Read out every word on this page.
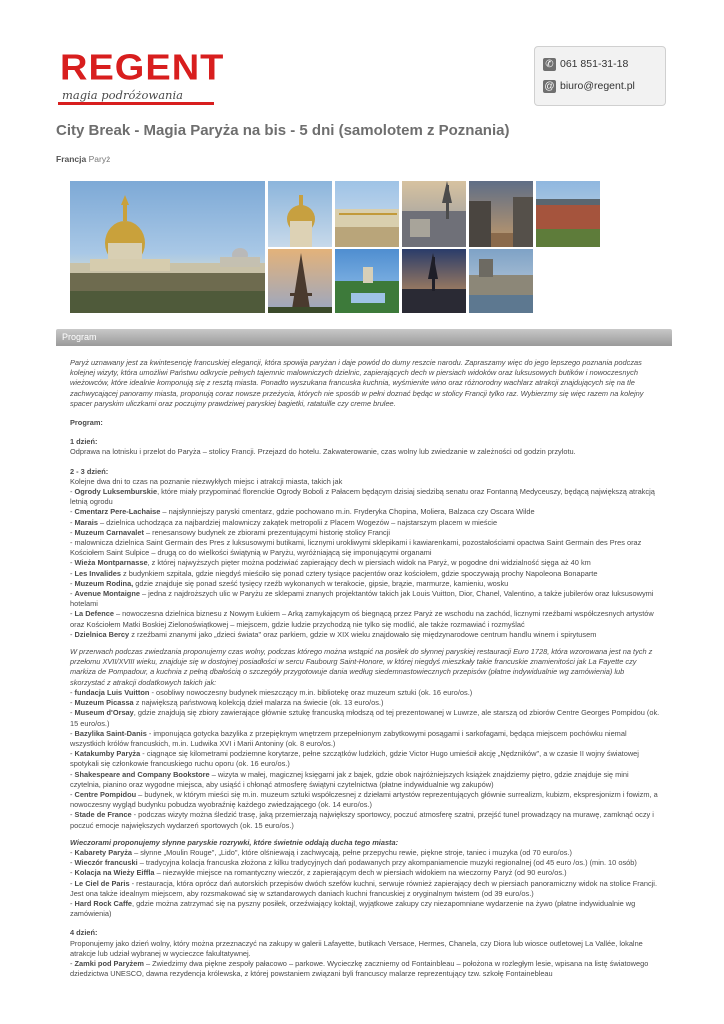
REGENT
magia podróżowania
✆ 061 851-31-18
@ biuro@regent.pl
City Break - Magia Paryża na bis - 5 dni (samolotem z Poznania)
Francja Paryż
Program

Paryż uznawany jest za kwintesencję francuskiej elegancji, która spowija paryżan i daje powód do dumy reszcie narodu. Zapraszamy więc do jego lepszego poznania podczas kolejnej wizyty, która umożliwi Państwu odkrycie pełnych tajemnic malowniczych dzielnic, zapierających dech w piersiach widoków oraz luksusowych butików i nowoczesnych wieżowców, które idealnie komponują się z resztą miasta. Ponadto wyszukana francuska kuchnia, wyśmienite wino oraz różnorodny wachlarz atrakcji znajdujących się na tle zachwycającej panoramy miasta, proponują coraz nowsze przeżycia, których nie sposób w pełni doznać będąc w stolicy Francji tylko raz. Wybierzmy się więc razem na kolejny spacer paryskim uliczkami oraz poczujmy prawdziwej paryskiej bagietki, ratatuille czy creme brulee.

Program:

1 dzień:

Odprawa na lotnisku i przelot do Paryża – stolicy Francji. Przejazd do hotelu. Zakwaterowanie, czas wolny lub zwiedzanie w zależności od godzin przylotu.

2 - 3 dzień:

Kolejne dwa dni to czas na poznanie niezwykłych miejsc i atrakcji miasta, takich jak

- Ogrody Luksemburskie, które miały przypominać florenckie Ogrody Boboli z Pałacem będącym dzisiaj siedzibą senatu oraz Fontanną Medyceuszy, będącą największą atrakcją letnią ogrodu

- Cmentarz Pere-Lachaise – najsłynniejszy paryski cmentarz, gdzie pochowano m.in. Fryderyka Chopina, Moliera, Balzaca czy Oscara Wilde

- Marais – dzielnica uchodząca za najbardziej malowniczy zakątek metropolii z Placem Wogezów – najstarszym placem w mieście

- Muzeum Carnavalet – renesansowy budynek ze zbiorami prezentującymi historię stolicy Francji

- malownicza dzielnica Saint Germain des Pres z luksusowymi butikami, licznymi urokliwymi sklepikami i kawiarenkami, pozostałościami opactwa Saint Germain des Pres oraz Kościołem Saint Sulpice – drugą co do wielkości świątynią w Paryżu, wyróżniającą się imponującymi organami

- Wieża Montparnasse, z której najwyższych pięter można podziwiać zapierający dech w piersiach widok na Paryż, w pogodne dni widzialność sięga aż 40 km

- Les Invalides z budynkiem szpitala, gdzie niegdyś mieściło się ponad cztery tysiące pacjentów oraz kościołem, gdzie spoczywają prochy Napoleona Bonaparte

- Muzeum Rodina, gdzie znajduje się ponad sześć tysięcy rzeźb wykonanych w terakocie, gipsie, brązie, marmurze, kamieniu, wosku

- Avenue Montaigne – jedna z najdroższych ulic w Paryżu ze sklepami znanych projektantów takich jak Louis Vuitton, Dior, Chanel, Valentino, a także jubilerów oraz luksusowymi hotelami

- La Defence – nowoczesna dzielnica biznesu z Nowym Łukiem – Arką zamykającym oś biegnącą przez Paryż ze wschodu na zachód, licznymi rzeźbami współczesnych artystów oraz Kościołem Matki Boskiej Zielonoświątkowej – miejscem, gdzie ludzie przychodzą nie tylko się modlić, ale także rozmawiać i rozmyślać

- Dzielnica Bercy z rzeźbami znanymi jako „dzieci świata" oraz parkiem, gdzie w XIX wieku znajdowało się międzynarodowe centrum handlu winem i spirytusem

W przerwach podczas zwiedzania proponujemy czas wolny, podczas którego można wstąpić na posiłek do słynnej paryskiej restauracji Euro 1728, która wzorowana jest na tych z przełomu XVII/XVIII wieku, znajduje się w dostojnej posiadłości w sercu Faubourg Saint-Honore, w której niegdyś mieszkały takie francuskie znamienitości jak La Fayette czy markiza de Pompadour, a kuchnia z pełną dbałością o szczegóły przygotowuje dania według siedemnastowiecznych przepisów (płatne indywidualnie wg zamówienia) lub skorzystać z atrakcji dodatkowych takich jak:

- fundacja Luis Vuitton - osobliwy nowoczesny budynek mieszczący m.in. bibliotekę oraz muzeum sztuki (ok. 16 euro/os.)

- Muzeum Picassa z największą państwową kolekcją dzieł malarza na świecie (ok. 13 euro/os.)

- Museum d'Orsay, gdzie znajdują się zbiory zawierające głównie sztukę francuską młodszą od tej prezentowanej w Luwrze, ale starszą od zbiorów Centre Georges Pompidou (ok. 15 euro/os.)

- Bazylika Saint-Danis - imponująca gotycka bazylika z przepięknym wnętrzem przepełnionym zabytkowymi posągami i sarkofagami, będąca miejscem pochówku niemal wszystkich królów francuskich, m.in. Ludwika XVI i Marii Antoniny (ok. 8 euro/os.)

- Katakumby Paryża - ciągnące się kilometrami podziemne korytarze, pełne szczątków ludzkich, gdzie Victor Hugo umieścił akcję „Nędzników", a w czasie II wojny światowej spotykali się członkowie francuskiego ruchu oporu (ok. 16 euro/os.)

- Shakespeare and Company Bookstore – wizyta w małej, magicznej księgarni jak z bajek, gdzie obok najróżniejszych książek znajdziemy piętro, gdzie znajduje się mini czytelnia, pianino oraz wygodne miejsca, aby usiąść i chłonąć atmosferę świątyni czytelnictwa (płatne indywidualnie wg zakupów)

- Centre Pompidou – budynek, w którym mieści się m.in. muzeum sztuki współczesnej z dziełami artystów reprezentujących głównie surrealizm, kubizm, ekspresjonizm i fowizm, a nowoczesny wygląd budynku pobudza wyobraźnię każdego zwiedzającego (ok. 14 euro/os.)

- Stade de France - podczas wizyty można śledzić trasę, jaką przemierzają największy sportowcy, poczuć atmosferę szatni, przejść tunel prowadzący na murawę, zamknąć oczy i poczuć emocje największych wydarzeń sportowych (ok. 15 euro/os.)

Wieczorami proponujemy słynne paryskie rozrywki, które świetnie oddają ducha tego miasta:

- Kabarety Paryża – słynne „Moulin Rouge", „Lido", które olśniewają i zachwycają, pełne przepychu rewie, piękne stroje, taniec i muzyka (od 70 euro/os.)

- Wieczór francuski – tradycyjna kolacja francuska złożona z kilku tradycyjnych dań podawanych przy akompaniamencie muzyki regionalnej (od 45 euro /os.) (min. 10 osób)

- Kolacja na Wieży Eiffla – niezwykłe miejsce na romantyczny wieczór, z zapierającym dech w piersiach widokiem na wieczorny Paryż (od 90 euro/os.)

- Le Ciel de Paris - restauracja, która oprócz dań autorskich przepisów dwóch szefów kuchni, serwuje również zapierający dech w piersiach panoramiczny widok na stolice Francji. Jest ona także idealnym miejscem, aby rozsmakować się w sztandarowych daniach kuchni francuskiej z oryginalnym twistem (od 39 euro/os.)

- Hard Rock Caffe, gdzie można zatrzymać się na pyszny posiłek, orzeźwiający koktajl, wyjątkowe zakupy czy niezapomniane wydarzenie na żywo (płatne indywidualnie wg zamówienia)

4 dzień:

Proponujemy jako dzień wolny, który można przeznaczyć na zakupy w galerii Lafayette, butikach Versace, Hermes, Chanela, czy Diora lub wiosce outletowej La Vallée, lokalne atrakcje lub udział wybranej w wycieczce fakultatywnej.

- Zamki pod Paryżem – Zwiedzimy dwa piękne zespoły pałacowo – parkowe. Wycieczkę zaczniemy od Fontainbleau – położona w rozległym lesie, wpisana na listę światowego dziedzictwa UNESCO, dawna rezydencja królewska, z której powstaniem związani byli francuscy malarze reprezentujący tzw. szkołę Fontainebleau
